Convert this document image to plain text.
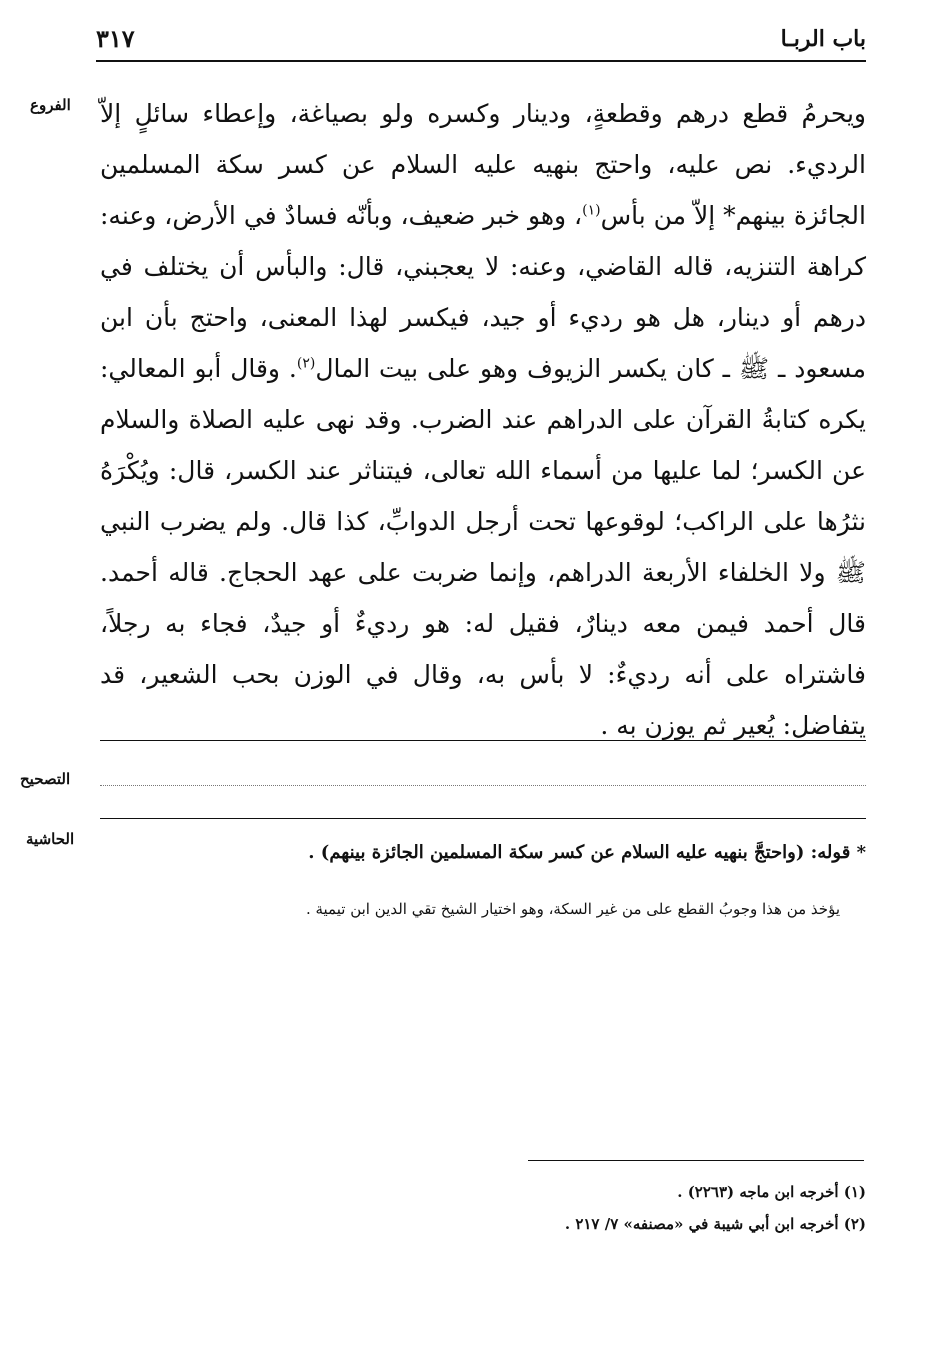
باب الربـا
٣١٧
الفروع
التصحيح
الحاشية

ويحرمُ قطع درهم وقطعةٍ، ودينار وكسره ولو بصياغة، وإعطاء سائلٍ إلاّ الرديء. نص عليه، واحتج بنهيه عليه السلام عن كسر سكة المسلمين الجائزة بينهم* إلاّ من بأس$^{(١)}$، وهو خبر ضعيف، وبأنّه فسادٌ في الأرض، وعنه: كراهة التنزيه، قاله القاضي، وعنه: لا يعجبني، قال: والبأس أن يختلف في درهم أو دينار، هل هو رديء أو جيد، فيكسر لهذا المعنى، واحتج بأن ابن مسعود ـ ﷺ ـ كان يكسر الزيوف وهو على بيت المال$^{(٢)}$. وقال أبو المعالي: يكره كتابةُ القرآن على الدراهم عند الضرب. وقد نهى عليه الصلاة والسلام عن الكسر؛ لما عليها من أسماء الله تعالى، فيتناثر عند الكسر، قال: ويُكْرَهُ نثرُها على الراكب؛ لوقوعها تحت أرجل الدوابِّ، كذا قال. ولم يضرب النبي ﷺ ولا الخلفاء الأربعة الدراهم، وإنما ضربت على عهد الحجاج. قاله أحمد. قال أحمد فيمن معه دينارٌ، فقيل له: هو رديءٌ أو جيدٌ، فجاء به رجلاً، فاشتراه على أنه رديءٌ: لا بأس به، وقال في الوزن بحب الشعير، قد يتفاضل: يُعير ثم يوزن به .

* قوله: (واحتجَّ بنهيه عليه السلام عن كسر سكة المسلمين الجائزة بينهم) .
يؤخذ من هذا وجوبُ القطع على من غير السكة، وهو اختيار الشيخ تقي الدين ابن تيمية .
(١) أخرجه ابن ماجه (٢٢٦٣) .
(٢) أخرجه ابن أبي شيبة في «مصنفه» ٧/ ٢١٧ .
